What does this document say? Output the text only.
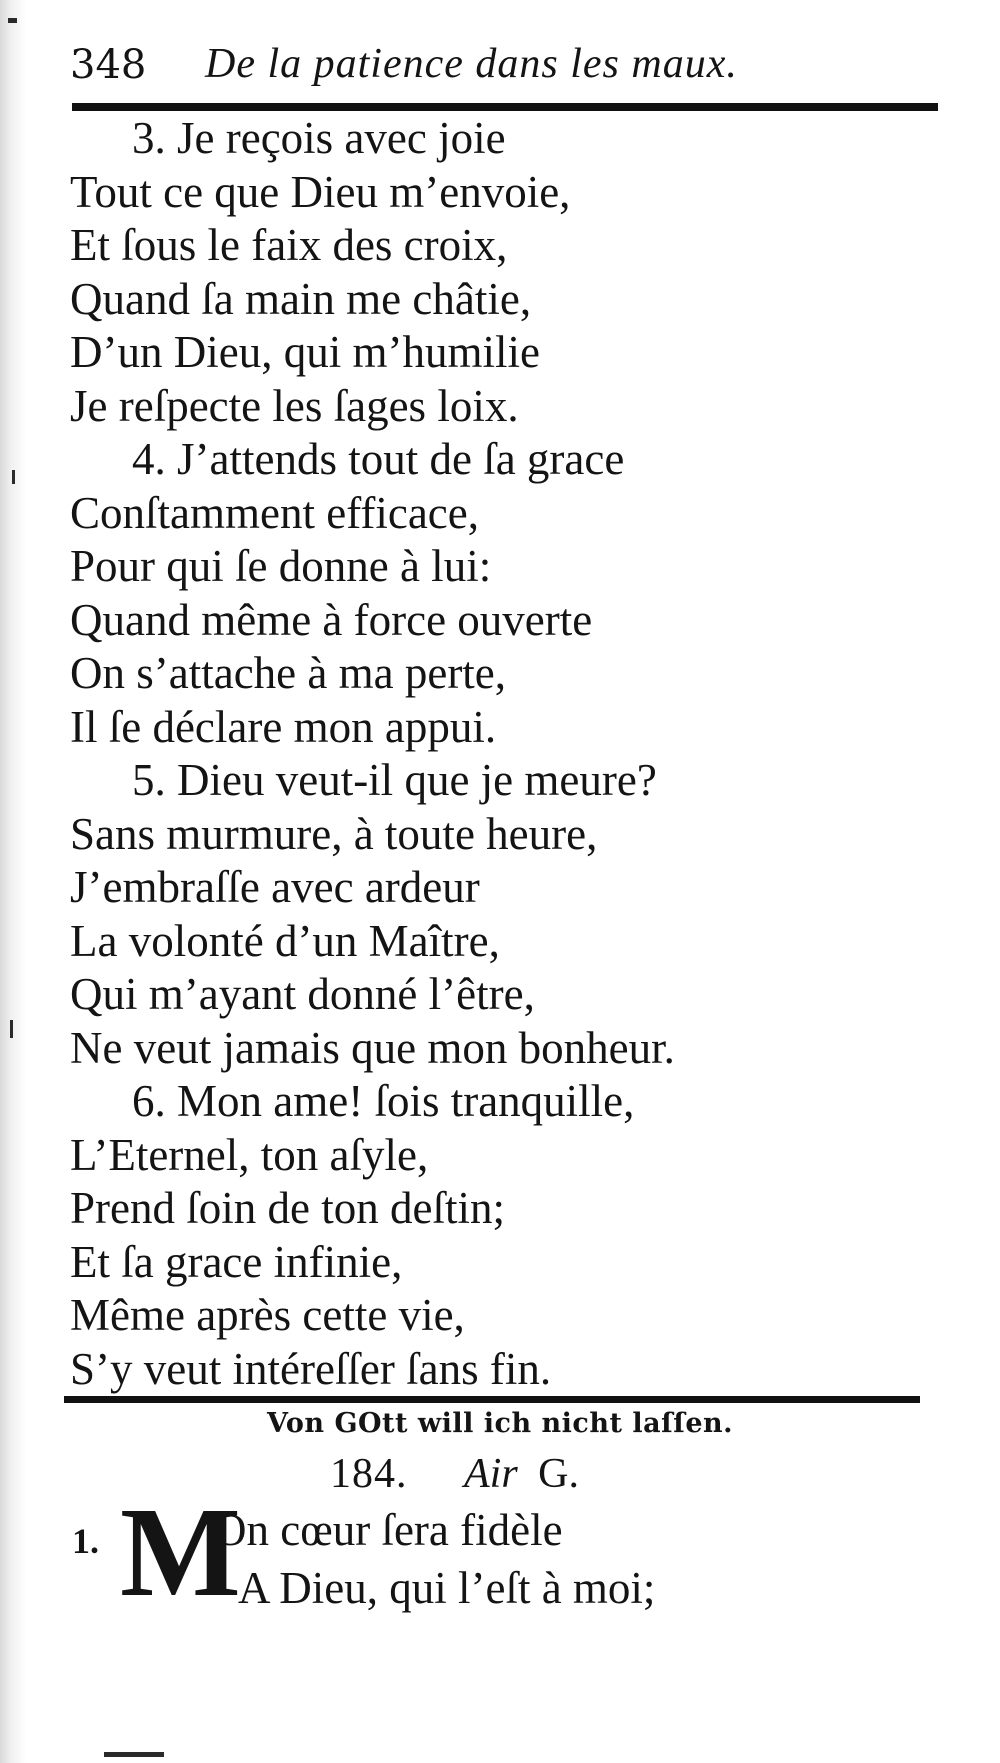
348 De la patience dans les maux.
3. Je reçois avec joie
Tout ce que Dieu m’envoie,
Et ſous le faix des croix,
Quand ſa main me châtie,
D’un Dieu, qui m’humilie
Je reſpecte les ſages loix.
4. J’attends tout de ſa grace
Conſtamment efficace,
Pour qui ſe donne à lui:
Quand même à force ouverte
On s’attache à ma perte,
Il ſe déclare mon appui.
5. Dieu veut-il que je meure?
Sans murmure, à toute heure,
J’embraſſe avec ardeur
La volonté d’un Maître,
Qui m’ayant donné l’être,
Ne veut jamais que mon bonheur.
6. Mon ame! ſois tranquille,
L’Eternel, ton aſyle,
Prend ſoin de ton deſtin;
Et ſa grace infinie,
Même après cette vie,
S’y veut intéreſſer ſans fin.
Von GOtt will ich nicht laſſen.
184. Air G.
1. M
On cœur ſera fidèle
A Dieu, qui l’eſt à moi;
